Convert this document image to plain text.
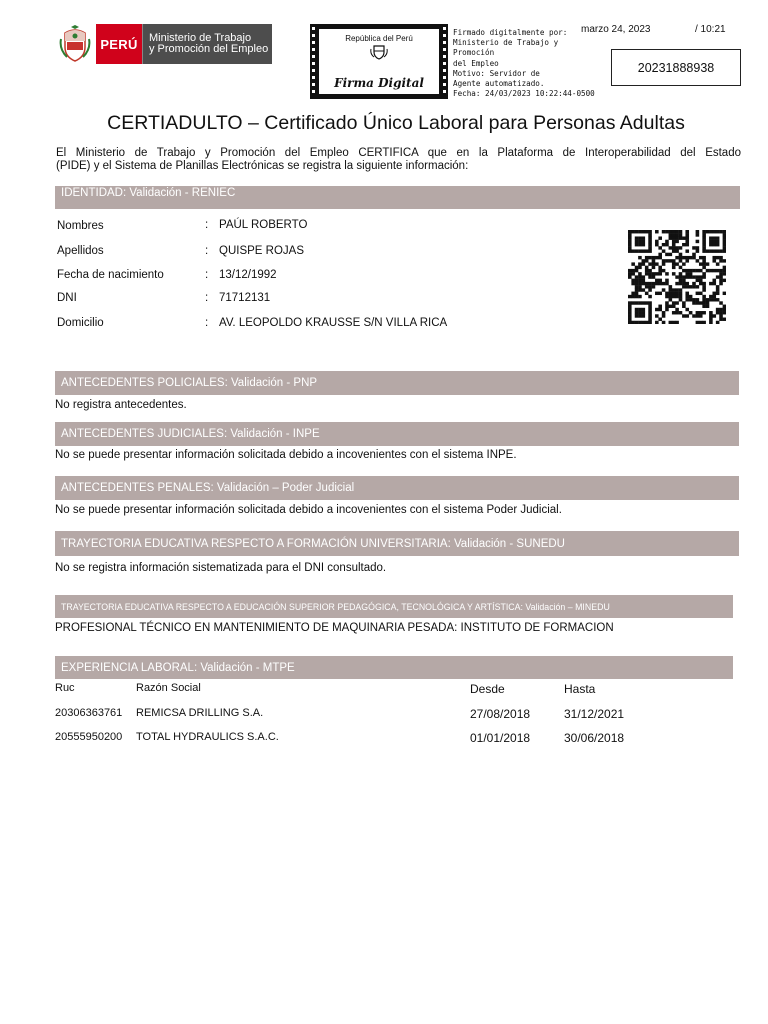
PERÚ	Ministerio de Trabajo
y Promoción del Empleo
República del Perú
Firma Digital
Firmado digitalmente por:
Ministerio de Trabajo y Promoción
del Empleo
Motivo: Servidor de
Agente automatizado.
Fecha: 24/03/2023 10:22:44-0500
marzo 24, 2023	/ 10:21
20231888938
CERTIADULTO – Certificado Único Laboral para Personas Adultas
El Ministerio de Trabajo y Promoción del Empleo CERTIFICA que en la Plataforma de Interoperabilidad del Estado
(PIDE) y el Sistema de Planillas Electrónicas se registra la siguiente información:
IDENTIDAD: Validación - RENIEC
Nombres	: PAÚL ROBERTO
Apellidos	: QUISPE ROJAS
Fecha de nacimiento	: 13/12/1992
DNI	: 71712131
Domicilio	: AV. LEOPOLDO KRAUSSE S/N VILLA RICA
ANTECEDENTES POLICIALES: Validación - PNP
No registra antecedentes.
ANTECEDENTES JUDICIALES: Validación - INPE
No se puede presentar información solicitada debido a incovenientes con el sistema INPE.
ANTECEDENTES PENALES: Validación – Poder Judicial
No se puede presentar información solicitada debido a incovenientes con el sistema Poder Judicial.
TRAYECTORIA EDUCATIVA RESPECTO A FORMACIÓN UNIVERSITARIA: Validación - SUNEDU
No se registra información sistematizada para el DNI consultado.
TRAYECTORIA EDUCATIVA RESPECTO A EDUCACIÓN SUPERIOR PEDAGÓGICA, TECNOLÓGICA Y ARTÍSTICA: Validación – MINEDU
PROFESIONAL TÉCNICO EN MANTENIMIENTO DE MAQUINARIA PESADA: INSTITUTO DE FORMACION
EXPERIENCIA LABORAL: Validación - MTPE
Ruc	Razón Social	Desde	Hasta
20306363761 REMICSA DRILLING S.A.	27/08/2018	31/12/2021
20555950200 TOTAL HYDRAULICS S.A.C.	01/01/2018	30/06/2018
